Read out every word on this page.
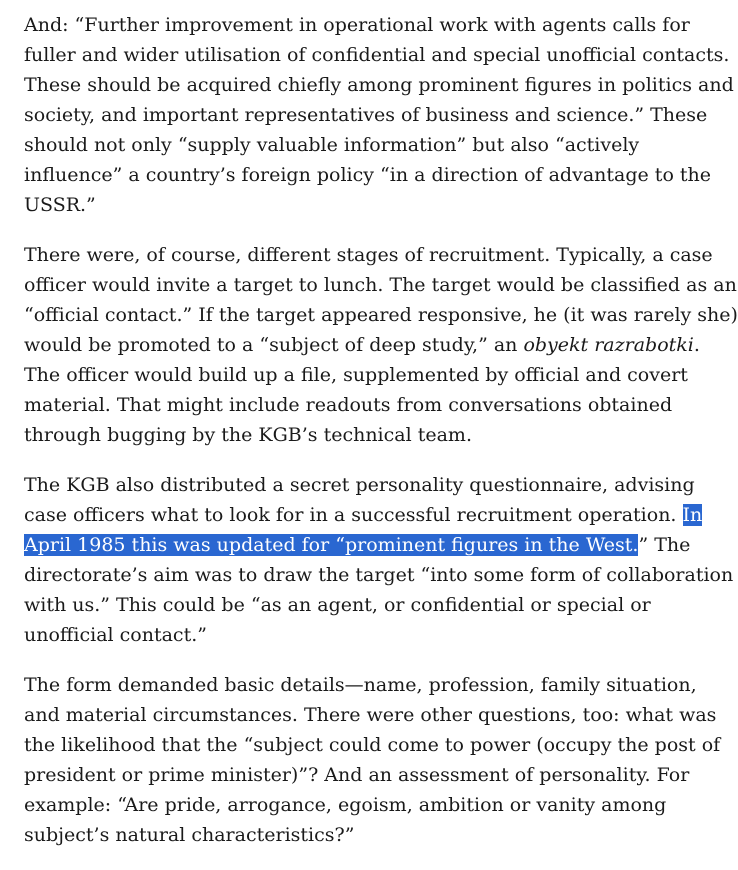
And: “Further improvement in operational work with agents calls for
fuller and wider utilisation of confidential and special unofficial contacts.
These should be acquired chiefly among prominent figures in politics and
society, and important representatives of business and science.” These
should not only “supply valuable information” but also “actively
influence” a country’s foreign policy “in a direction of advantage to the
USSR.”

There were, of course, different stages of recruitment. Typically, a case
officer would invite a target to lunch. The target would be classified as an
“official contact.” If the target appeared responsive, he (it was rarely she)
would be promoted to a “subject of deep study,” an obyekt razrabotki.
The officer would build up a file, supplemented by official and covert
material. That might include readouts from conversations obtained
through bugging by the KGB’s technical team.

The KGB also distributed a secret personality questionnaire, advising
case officers what to look for in a successful recruitment operation. In
April 1985 this was updated for “prominent figures in the West.” The
directorate’s aim was to draw the target “into some form of collaboration
with us.” This could be “as an agent, or confidential or special or
unofficial contact.”

The form demanded basic details—name, profession, family situation,
and material circumstances. There were other questions, too: what was
the likelihood that the “subject could come to power (occupy the post of
president or prime minister)”? And an assessment of personality. For
example: “Are pride, arrogance, egoism, ambition or vanity among
subject’s natural characteristics?”
